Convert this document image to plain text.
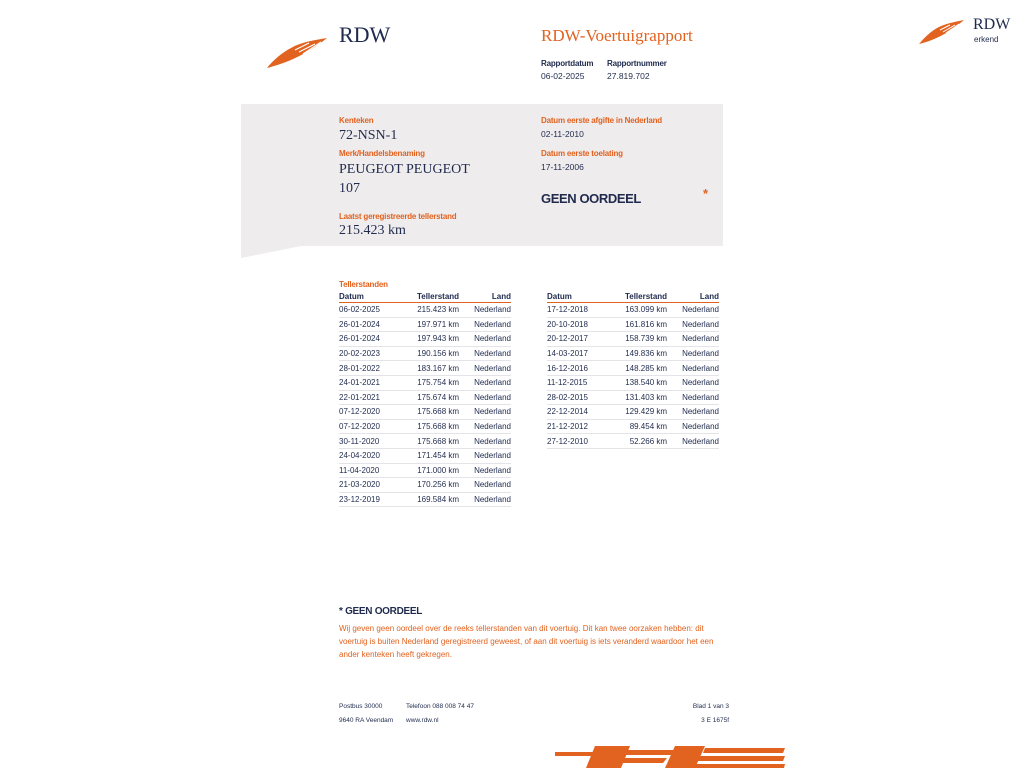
RDW	RDW-Voertuigrapport
Rapportdatum
06-02-2025
Rapportnummer
27.819.702
RDW
erkend
Kenteken
72-NSN-1
Merk/Handelsbenaming
PEUGEOT PEUGEOT
107
Laatst geregistreerde tellerstand
215.423 km
Datum eerste afgifte in Nederland
02-11-2010
Datum eerste toelating
17-11-2006
GEEN OORDEEL	*
Tellerstanden
Datum	Tellerstand	Land
06-02-2025	215.423 km	Nederland
26-01-2024	197.971 km	Nederland
26-01-2024	197.943 km	Nederland
20-02-2023	190.156 km	Nederland
28-01-2022	183.167 km	Nederland
24-01-2021	175.754 km	Nederland
22-01-2021	175.674 km	Nederland
07-12-2020	175.668 km	Nederland
07-12-2020	175.668 km	Nederland
30-11-2020	175.668 km	Nederland
24-04-2020	171.454 km	Nederland
11-04-2020	171.000 km	Nederland
21-03-2020	170.256 km	Nederland
23-12-2019	169.584 km	Nederland
Datum	Tellerstand	Land
17-12-2018	163.099 km	Nederland
20-10-2018	161.816 km	Nederland
20-12-2017	158.739 km	Nederland
14-03-2017	149.836 km	Nederland
16-12-2016	148.285 km	Nederland
11-12-2015	138.540 km	Nederland
28-02-2015	131.403 km	Nederland
22-12-2014	129.429 km	Nederland
21-12-2012	89.454 km	Nederland
27-12-2010	52.266 km	Nederland
* GEEN OORDEEL
Wij geven geen oordeel over de reeks tellerstanden van dit voertuig. Dit kan twee oorzaken hebben: dit voertuig is buiten Nederland geregistreerd geweest, of aan dit voertuig is iets veranderd waardoor het een ander kenteken heeft gekregen.
Postbus 30000
9640 RA Veendam
Telefoon 088 008 74 47
www.rdw.nl
Blad 1 van 3
3 E 1675f
